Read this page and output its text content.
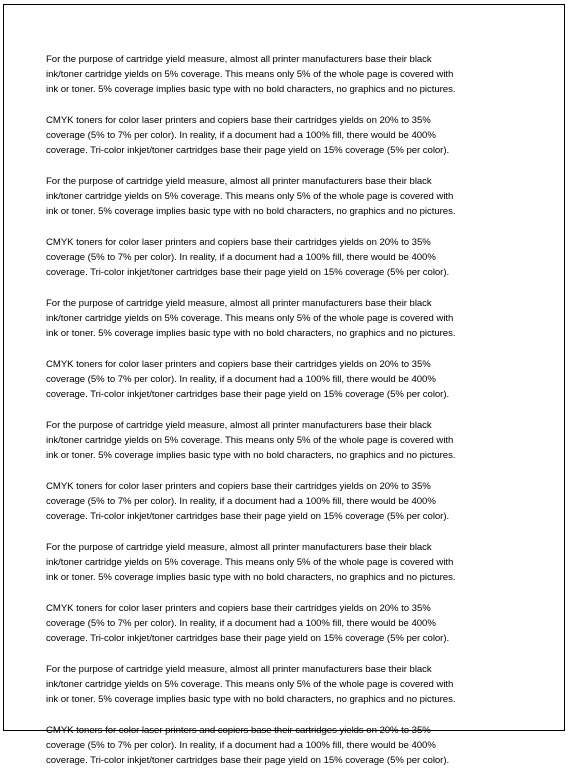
For the purpose of cartridge yield measure, almost all printer manufacturers base their black
ink/toner cartridge yields on 5% coverage. This means only 5% of the whole page is covered with
ink or toner. 5% coverage implies basic type with no bold characters, no graphics and no pictures.

CMYK toners for color laser printers and copiers base their cartridges yields on 20% to 35%
coverage (5% to 7% per color). In reality, if a document had a 100% fill, there would be 400%
coverage. Tri-color inkjet/toner cartridges base their page yield on 15% coverage (5% per color).

For the purpose of cartridge yield measure, almost all printer manufacturers base their black
ink/toner cartridge yields on 5% coverage. This means only 5% of the whole page is covered with
ink or toner. 5% coverage implies basic type with no bold characters, no graphics and no pictures.

CMYK toners for color laser printers and copiers base their cartridges yields on 20% to 35%
coverage (5% to 7% per color). In reality, if a document had a 100% fill, there would be 400%
coverage. Tri-color inkjet/toner cartridges base their page yield on 15% coverage (5% per color).

For the purpose of cartridge yield measure, almost all printer manufacturers base their black
ink/toner cartridge yields on 5% coverage. This means only 5% of the whole page is covered with
ink or toner. 5% coverage implies basic type with no bold characters, no graphics and no pictures.

CMYK toners for color laser printers and copiers base their cartridges yields on 20% to 35%
coverage (5% to 7% per color). In reality, if a document had a 100% fill, there would be 400%
coverage. Tri-color inkjet/toner cartridges base their page yield on 15% coverage (5% per color).

For the purpose of cartridge yield measure, almost all printer manufacturers base their black
ink/toner cartridge yields on 5% coverage. This means only 5% of the whole page is covered with
ink or toner. 5% coverage implies basic type with no bold characters, no graphics and no pictures.

CMYK toners for color laser printers and copiers base their cartridges yields on 20% to 35%
coverage (5% to 7% per color). In reality, if a document had a 100% fill, there would be 400%
coverage. Tri-color inkjet/toner cartridges base their page yield on 15% coverage (5% per color).

For the purpose of cartridge yield measure, almost all printer manufacturers base their black
ink/toner cartridge yields on 5% coverage. This means only 5% of the whole page is covered with
ink or toner. 5% coverage implies basic type with no bold characters, no graphics and no pictures.

CMYK toners for color laser printers and copiers base their cartridges yields on 20% to 35%
coverage (5% to 7% per color). In reality, if a document had a 100% fill, there would be 400%
coverage. Tri-color inkjet/toner cartridges base their page yield on 15% coverage (5% per color).

For the purpose of cartridge yield measure, almost all printer manufacturers base their black
ink/toner cartridge yields on 5% coverage. This means only 5% of the whole page is covered with
ink or toner. 5% coverage implies basic type with no bold characters, no graphics and no pictures.

CMYK toners for color laser printers and copiers base their cartridges yields on 20% to 35%
coverage (5% to 7% per color). In reality, if a document had a 100% fill, there would be 400%
coverage. Tri-color inkjet/toner cartridges base their page yield on 15% coverage (5% per color).
